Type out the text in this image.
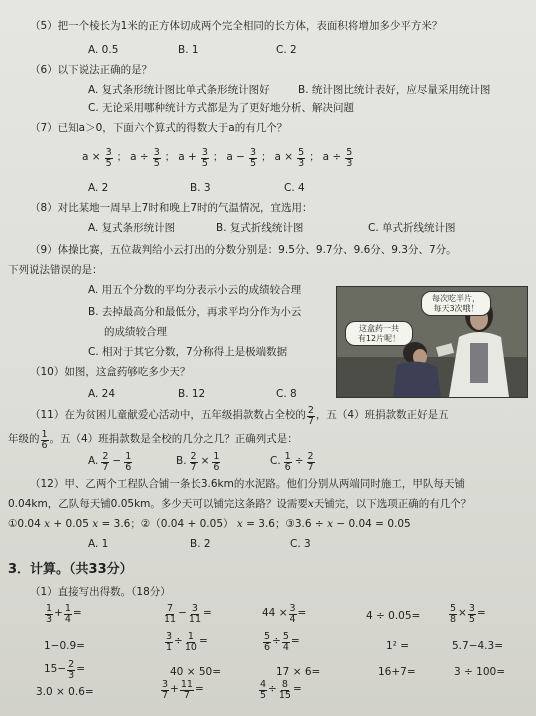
（5）把一个棱长为1米的正方体切成两个完全相同的长方体，表面积将增加多少平方米？
A. 0.5	B. 1	C. 2
（6）以下说法正确的是？
A. 复式条形统计图比单式条形统计图好	B. 统计图比统计表好，应尽量采用统计图
C. 无论采用哪种统计方式都是为了更好地分析、解决问题
（7）已知a＞0，下面六个算式的得数大于a的有几个？
$a \times \frac{3}{5}$ ； $a \div \frac{3}{5}$ ； $a + \frac{3}{5}$ ； $a - \frac{3}{5}$ ； $a \times \frac{5}{3}$ ； $a \div \frac{5}{3}$
A. 2	B. 3	C. 4
（8）对比某地一周早上7时和晚上7时的气温情况，宜选用：
A. 复式条形统计图	B. 复式折线统计图	C. 单式折线统计图
（9）体操比赛，五位裁判给小云打出的分数分别是：9.5分、9.7分、9.6分、9.3分、7分。
下列说法错误的是：
A. 用五个分数的平均分表示小云的成绩较合理
B. 去掉最高分和最低分，再求平均分作为小云
的成绩较合理
C. 相对于其它分数，7分称得上是极端数据
每次吃半片，
每天3次哦！
这盒药一共
有12片呢！
（10）如图，这盒药够吃多少天？
A. 24	B. 12	C. 8
（11）在为贫困儿童献爱心活动中，五年级捐款数占全校的 $\frac{2}{7}$ ，五（4）班捐款数正好是五
年级的 $\frac{1}{6}$ 。五（4）班捐款数是全校的几分之几？正确列式是：
A. $\frac{2}{7} - \frac{1}{6}$	B. $\frac{2}{7} \times \frac{1}{6}$	C. $\frac{1}{6} \div \frac{2}{7}$
（12）甲、乙两个工程队合铺一条长3.6km的水泥路。他们分别从两端同时施工，甲队每天铺
0.04km，乙队每天铺0.05km。多少天可以铺完这条路？设需要x天铺完，以下选项正确的有几个？
①0.04 x + 0.05 x = 3.6；②（0.04 + 0.05） x = 3.6；③3.6 ÷ x − 0.04 = 0.05
A. 1	B. 2	C. 3
3．计算。（共33分）
（1）直接写出得数。（18分）
$\frac{1}{3} + \frac{1}{4}$ =	$\frac{7}{11} - \frac{3}{11}$ =	$44 \times \frac{3}{4}$ =	4 ÷ 0.05=	$\frac{5}{8} \times \frac{3}{5}$ =
1−0.9=	$\frac{3}{1} \div \frac{1}{10}$ =	$\frac{5}{6} \div \frac{5}{4}$ =	1² =	5.7−4.3=
$15- \frac{2}{3}$ =	40 × 50=	17 × 6=	16+7=	3 ÷ 100=
3.0 × 0.6=	$\frac{3}{7} + \frac{11}{7}$ =	$\frac{4}{5} \div \frac{8}{15}$ =
